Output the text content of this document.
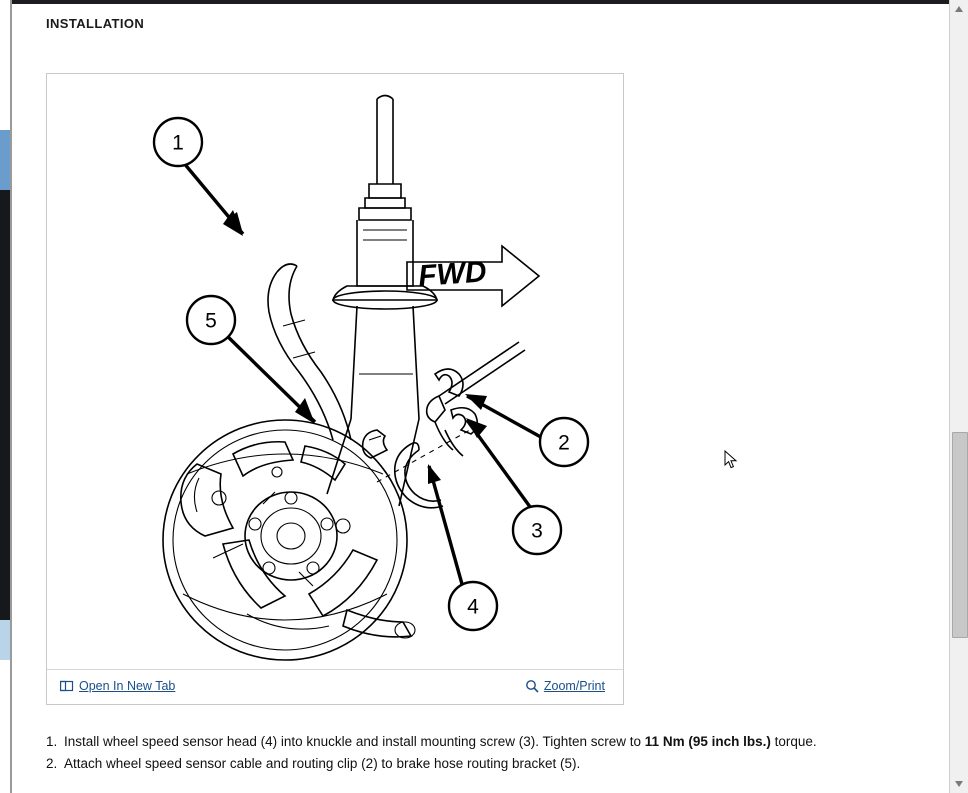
INSTALLATION
FWD
1
5
2
3
4
Open In New Tab	Zoom/Print
1. Install wheel speed sensor head (4) into knuckle and install mounting screw (3). Tighten screw to 11 Nm (95 inch lbs.) torque.
2. Attach wheel speed sensor cable and routing clip (2) to brake hose routing bracket (5).
